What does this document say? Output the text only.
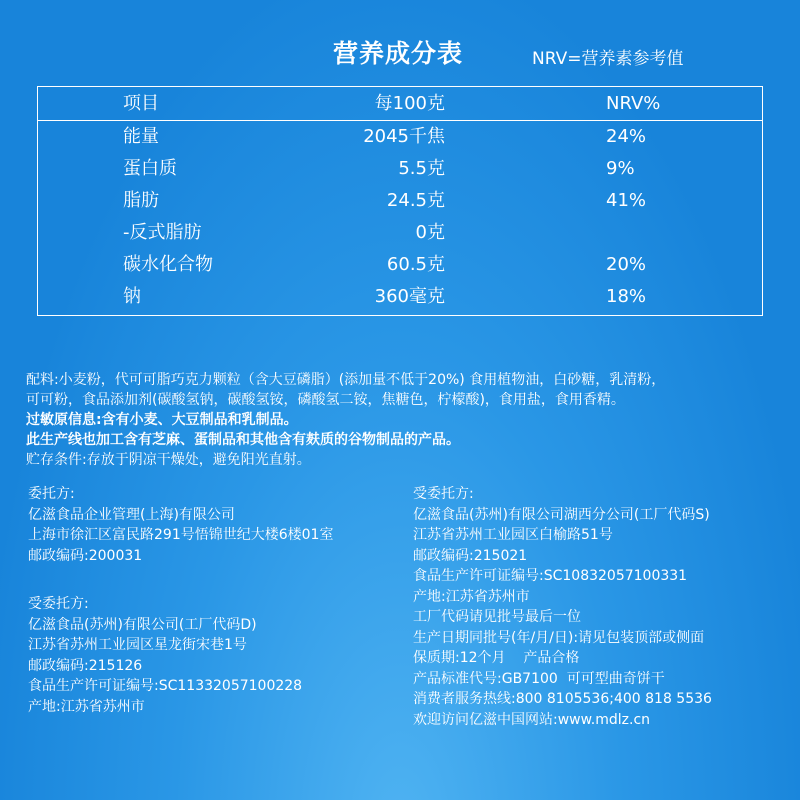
营养成分表	NRV=营养素参考值
项目	每100克	NRV%
能量	2045千焦	24%
蛋白质	5.5克	9%
脂肪	24.5克	41%
-反式脂肪	0克
碳水化合物	60.5克	20%
钠	360毫克	18%
配料:小麦粉，代可可脂巧克力颗粒（含大豆磷脂）(添加量不低于20%) 食用植物油，白砂糖，乳清粉，
可可粉，食品添加剂(碳酸氢钠，碳酸氢铵，磷酸氢二铵，焦糖色，柠檬酸)，食用盐，食用香精。
过敏原信息:含有小麦、大豆制品和乳制品。
此生产线也加工含有芝麻、蛋制品和其他含有麸质的谷物制品的产品。
贮存条件:存放于阴凉干燥处，避免阳光直射。
委托方:
亿滋食品企业管理(上海)有限公司
上海市徐汇区富民路291号悟锦世纪大楼6楼01室
邮政编码:200031
受委托方:
亿滋食品(苏州)有限公司(工厂代码D)
江苏省苏州工业园区星龙街宋巷1号
邮政编码:215126
食品生产许可证编号:SC11332057100228
产地:江苏省苏州市
受委托方:
亿滋食品(苏州)有限公司湖西分公司(工厂代码S)
江苏省苏州工业园区白榆路51号
邮政编码:215021
食品生产许可证编号:SC10832057100331
产地:江苏省苏州市
工厂代码请见批号最后一位
生产日期同批号(年/月/日):请见包装顶部或侧面
保质期:12个月 产品合格
产品标准代号:GB7100  可可型曲奇饼干
消费者服务热线:800 8105536;400 818 5536
欢迎访问亿滋中国网站:www.mdlz.cn
